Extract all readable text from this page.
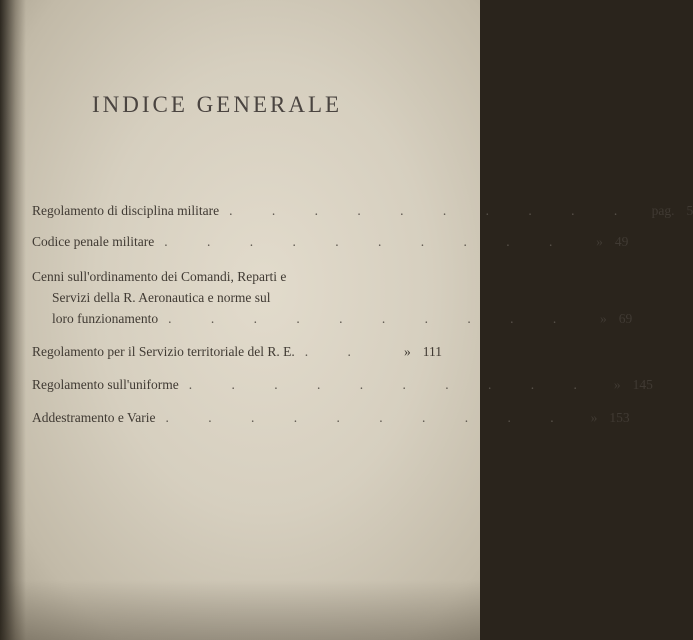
INDICE GENERALE
Regolamento di disciplina militare . . . . . . . . . .	pag. 5
Codice penale militare . . . . . . . . . .	» 49
Cenni sull'ordinamento dei Comandi, Reparti e
Servizi della R. Aeronautica e norme sul
loro funzionamento . . . . . . . . . .	» 69
Regolamento per il Servizio territoriale del R. E. . .	» 111
Regolamento sull'uniforme . . . . . . . . . .	» 145
Addestramento e Varie . . . . . . . . . .	» 153
